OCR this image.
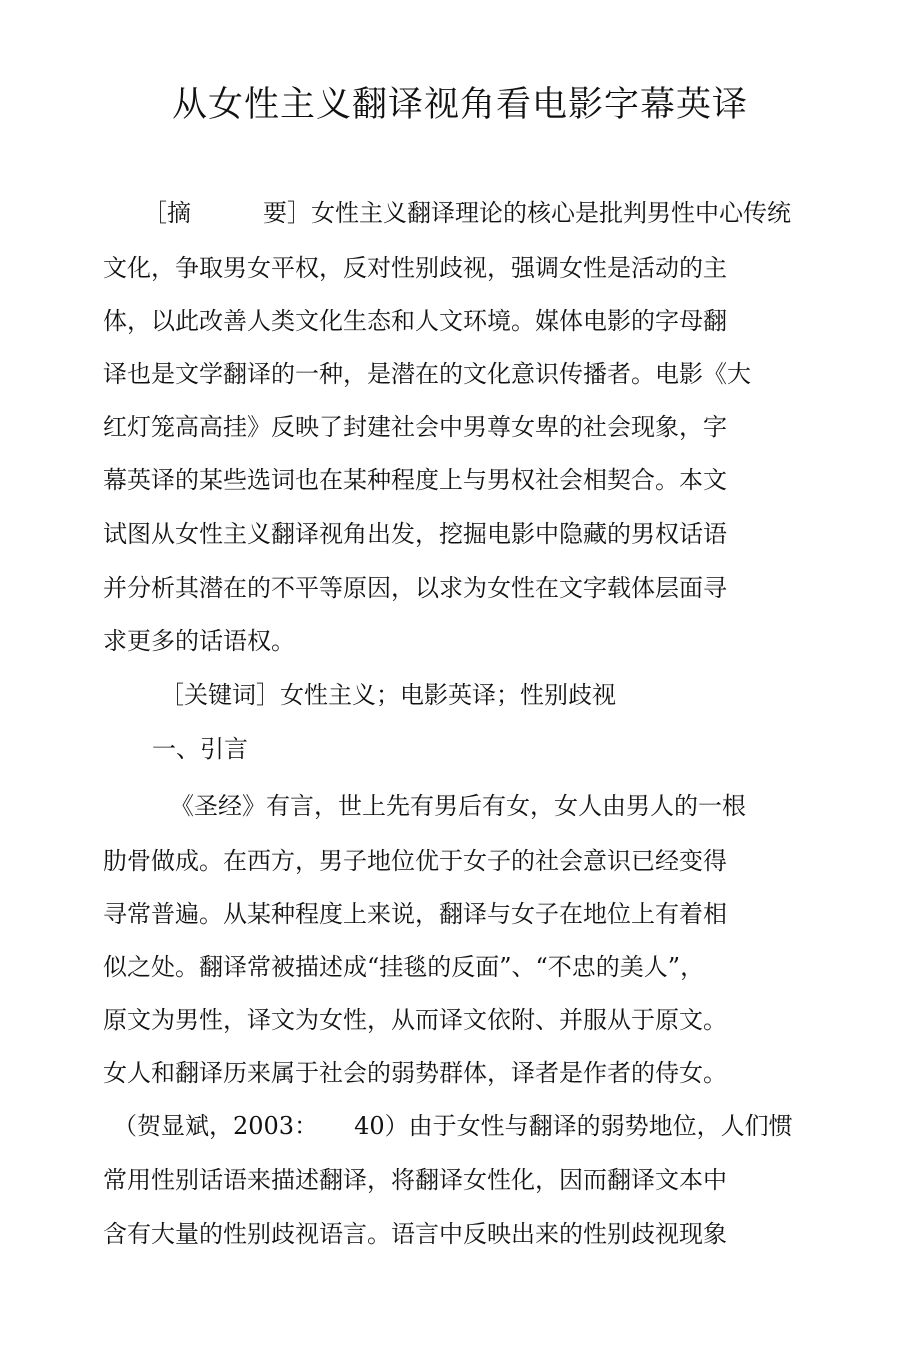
从女性主义翻译视角看电影字幕英译

［摘　　　要］女性主义翻译理论的核心是批判男性中心传统

文化，争取男女平权，反对性别歧视，强调女性是活动的主

体，以此改善人类文化生态和人文环境。媒体电影的字母翻

译也是文学翻译的一种，是潜在的文化意识传播者。电影《大

红灯笼高高挂》反映了封建社会中男尊女卑的社会现象，字

幕英译的某些选词也在某种程度上与男权社会相契合。本文

试图从女性主义翻译视角出发，挖掘电影中隐藏的男权话语

并分析其潜在的不平等原因，以求为女性在文字载体层面寻

求更多的话语权。

［关键词］女性主义；电影英译；性别歧视

一、引言

《圣经》有言，世上先有男后有女，女人由男人的一根

肋骨做成。在西方，男子地位优于女子的社会意识已经变得

寻常普遍。从某种程度上来说，翻译与女子在地位上有着相

似之处。翻译常被描述成“挂毯的反面”、“不忠的美人”，

原文为男性，译文为女性，从而译文依附、并服从于原文。

女人和翻译历来属于社会的弱势群体，译者是作者的侍女。

（贺显斌，2003：　　40）由于女性与翻译的弱势地位，人们惯

常用性别话语来描述翻译，将翻译女性化，因而翻译文本中

含有大量的性别歧视语言。语言中反映出来的性别歧视现象
